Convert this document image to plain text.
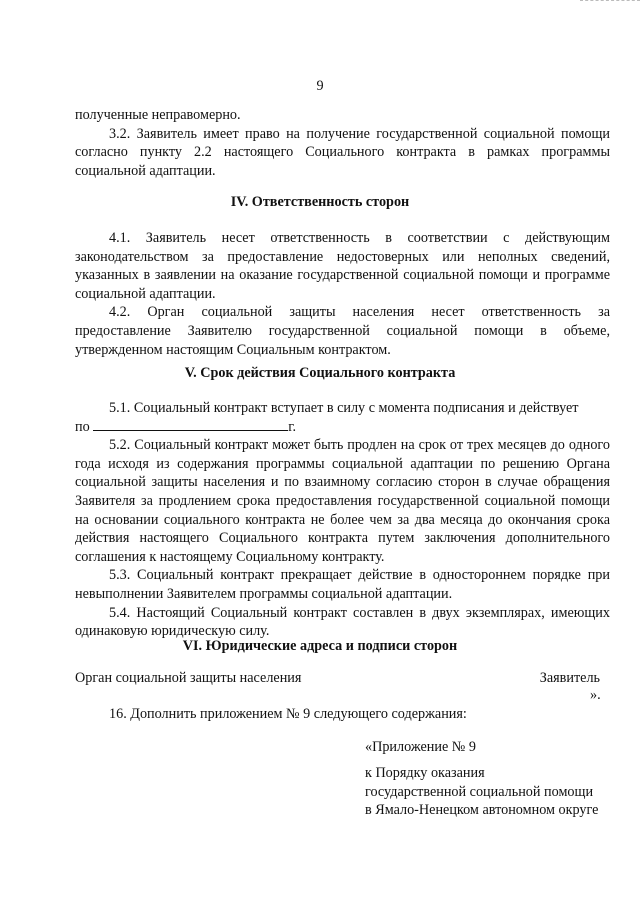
9

полученные неправомерно.

3.2. Заявитель имеет право на получение государственной социальной помощи согласно пункту 2.2 настоящего Социального контракта в рамках программы социальной адаптации.

IV. Ответственность сторон

4.1. Заявитель несет ответственность в соответствии с действующим законодательством за предоставление недостоверных или неполных сведений, указанных в заявлении на оказание государственной социальной помощи и программе социальной адаптации.

4.2. Орган социальной защиты населения несет ответственность за предоставление Заявителю государственной социальной помощи в объеме, утвержденном настоящим Социальным контрактом.

V. Срок действия Социального контракта

5.1. Социальный контракт вступает в силу с момента подписания и действует

по	г.

5.2. Социальный контракт может быть продлен на срок от трех месяцев до одного года исходя из содержания программы социальной адаптации по решению Органа социальной защиты населения и по взаимному согласию сторон в случае обращения Заявителя за продлением срока предоставления государственной социальной помощи на основании социального контракта не более чем за два месяца до окончания срока действия настоящего Социального контракта путем заключения дополнительного соглашения к настоящему Социальному контракту.

5.3. Социальный контракт прекращает действие в одностороннем порядке при невыполнении Заявителем программы социальной адаптации.

5.4. Настоящий Социальный контракт составлен в двух экземплярах, имеющих одинаковую юридическую силу.

VI. Юридические адреса и подписи сторон
Орган социальной защиты населения	Заявитель
».
16. Дополнить приложением № 9 следующего содержания:
«Приложение № 9

к Порядку оказания

государственной социальной помощи

в Ямало-Ненецком автономном округе
